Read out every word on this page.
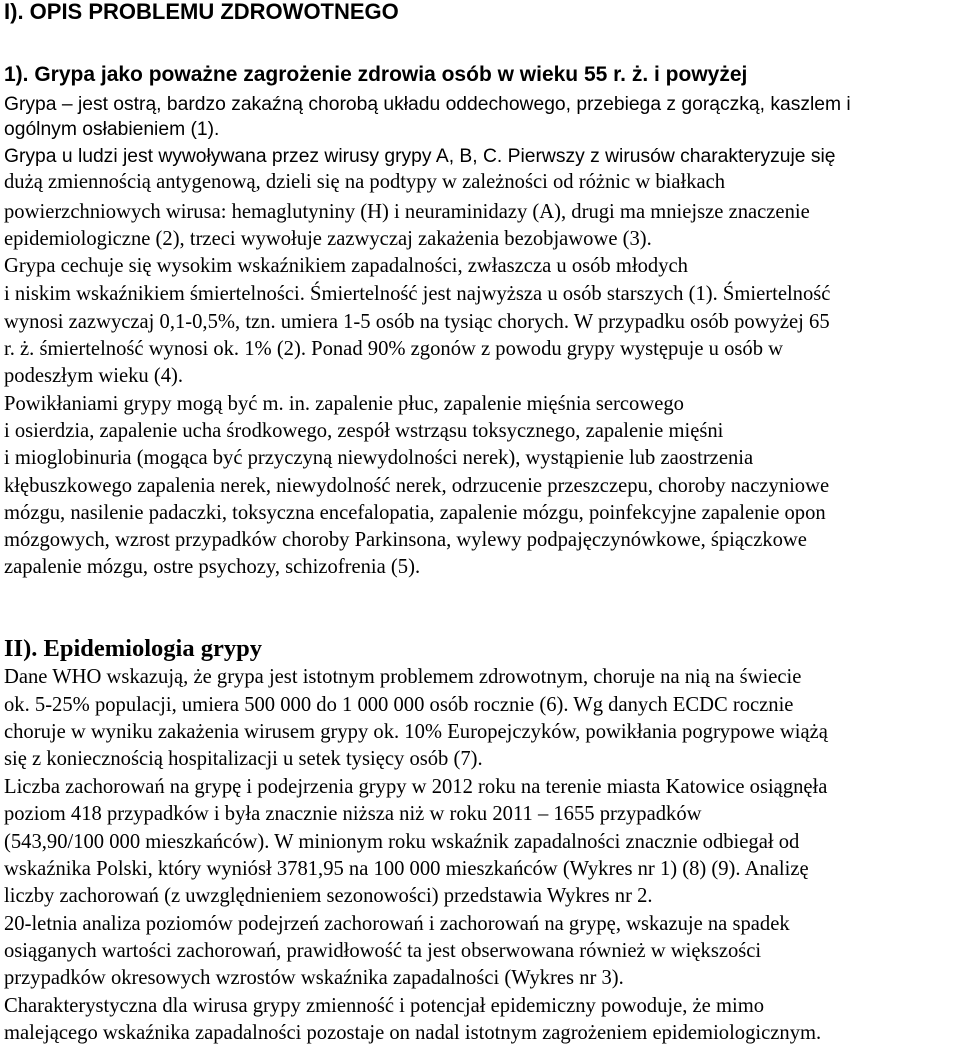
I). OPIS PROBLEMU ZDROWOTNEGO
1). Grypa jako poważne zagrożenie zdrowia osób w wieku 55 r. ż. i powyżej
Grypa – jest ostrą, bardzo zakaźną chorobą układu oddechowego, przebiega z gorączką, kaszlem i
ogólnym osłabieniem (1).
Grypa u ludzi jest wywoływana przez wirusy grypy A, B, C. Pierwszy z wirusów charakteryzuje się
dużą zmiennością antygenową, dzieli się na podtypy w zależności od różnic w białkach
powierzchniowych wirusa: hemaglutyniny (H) i neuraminidazy (A), drugi ma mniejsze znaczenie
epidemiologiczne (2), trzeci wywołuje zazwyczaj zakażenia bezobjawowe (3).
Grypa cechuje się wysokim wskaźnikiem zapadalności, zwłaszcza u osób młodych
i niskim wskaźnikiem śmiertelności. Śmiertelność jest najwyższa u osób starszych (1). Śmiertelność
wynosi zazwyczaj 0,1-0,5%, tzn. umiera 1-5 osób na tysiąc chorych. W przypadku osób powyżej 65
r. ż. śmiertelność wynosi ok. 1% (2). Ponad 90% zgonów z powodu grypy występuje u osób w
podeszłym wieku (4).
Powikłaniami grypy mogą być m. in. zapalenie płuc, zapalenie mięśnia sercowego
i osierdzia, zapalenie ucha środkowego, zespół wstrząsu toksycznego, zapalenie mięśni
i mioglobinuria (mogąca być przyczyną niewydolności nerek), wystąpienie lub zaostrzenia
kłębuszkowego zapalenia nerek, niewydolność nerek, odrzucenie przeszczepu, choroby naczyniowe
mózgu, nasilenie padaczki, toksyczna encefalopatia, zapalenie mózgu, poinfekcyjne zapalenie opon
mózgowych, wzrost przypadków choroby Parkinsona, wylewy podpajęczynówkowe, śpiączkowe
zapalenie mózgu, ostre psychozy, schizofrenia (5).
II). Epidemiologia grypy
Dane WHO wskazują, że grypa jest istotnym problemem zdrowotnym, choruje na nią na świecie
ok. 5-25% populacji, umiera 500 000 do 1 000 000 osób rocznie (6). Wg danych ECDC rocznie
choruje w wyniku zakażenia wirusem grypy ok. 10% Europejczyków, powikłania pogrypowe wiążą
się z koniecznością hospitalizacji u setek tysięcy osób (7).
Liczba zachorowań na grypę i podejrzenia grypy w 2012 roku na terenie miasta Katowice osiągnęła
poziom 418 przypadków i była znacznie niższa niż w roku 2011 – 1655 przypadków
(543,90/100 000 mieszkańców). W minionym roku wskaźnik zapadalności znacznie odbiegał od
wskaźnika Polski, który wyniósł 3781,95 na 100 000 mieszkańców (Wykres nr 1) (8) (9). Analizę
liczby zachorowań (z uwzględnieniem sezonowości) przedstawia Wykres nr 2.
20-letnia analiza poziomów podejrzeń zachorowań i zachorowań na grypę, wskazuje na spadek
osiąganych wartości zachorowań, prawidłowość ta jest obserwowana również w większości
przypadków okresowych wzrostów wskaźnika zapadalności (Wykres nr 3).
Charakterystyczna dla wirusa grypy zmienność i potencjał epidemiczny powoduje, że mimo
malejącego wskaźnika zapadalności pozostaje on nadal istotnym zagrożeniem epidemiologicznym.
